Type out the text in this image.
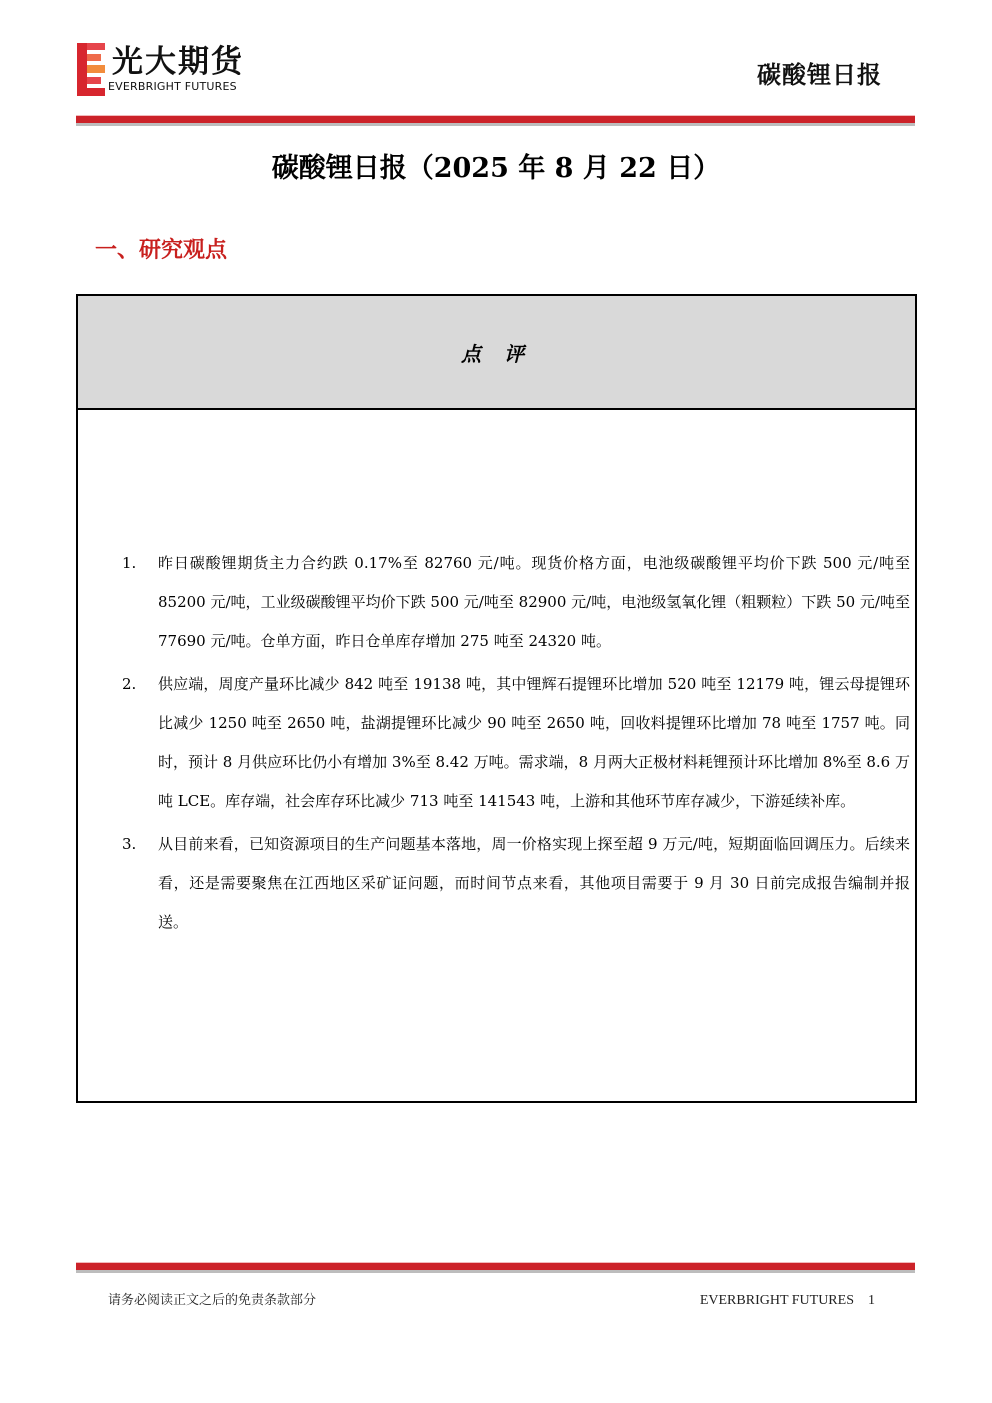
光大期货
EVERBRIGHT FUTURES	碳酸锂日报
碳酸锂日报（2025 年 8 月 22 日）
一、研究观点
点 评
1. 昨日碳酸锂期货主力合约跌 0.17%至 82760 元/吨。现货价格方面，电池级碳酸锂平均价下跌 500 元/吨至 85200 元/吨，工业级碳酸锂平均价下跌 500 元/吨至 82900 元/吨，电池级氢氧化锂（粗颗粒）下跌 50 元/吨至 77690 元/吨。仓单方面，昨日仓单库存增加 275 吨至 24320 吨。
2. 供应端，周度产量环比减少 842 吨至 19138 吨，其中锂辉石提锂环比增加 520 吨至 12179 吨，锂云母提锂环比减少 1250 吨至 2650 吨，盐湖提锂环比减少 90 吨至 2650 吨，回收料提锂环比增加 78 吨至 1757 吨。同时，预计 8 月供应环比仍小有增加 3%至 8.42 万吨。需求端，8 月两大正极材料耗锂预计环比增加 8%至 8.6 万吨 LCE。库存端，社会库存环比减少 713 吨至 141543 吨，上游和其他环节库存减少，下游延续补库。
3. 从目前来看，已知资源项目的生产问题基本落地，周一价格实现上探至超 9 万元/吨，短期面临回调压力。后续来看，还是需要聚焦在江西地区采矿证问题，而时间节点来看，其他项目需要于 9 月 30 日前完成报告编制并报送。
请务必阅读正文之后的免责条款部分	EVERBRIGHT FUTURES 1
